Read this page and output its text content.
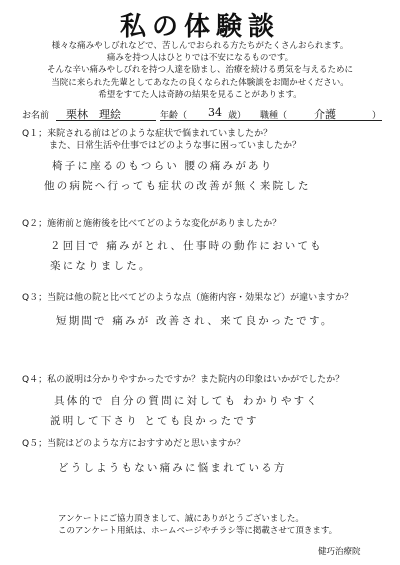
私の体験談
様々な痛みやしびれなどで、苦しんでおられる方たちがたくさんおられます。
痛みを持つ人はひとりでは不安になるものです。
そんな辛い痛みやしびれを持つ人達を励まし、治療を続ける勇気を与えるために
当院に来られた先輩としてあなたの良くなられた体験談をお聞かせください。
希望をすてた人は奇跡の結果を見ることがあります。
お名前 栗林　理絵	年齢（ 34 歳） 職種（ 介護	）
Q１；来院される前はどのような症状で悩まれていましたか？
　　　また、日常生活や仕事ではどのような事に困っていましたか？
椅子に座るのもつらい 腰の痛みがあり
他の病院へ行っても症状の改善が無く来院した
Q２；施術前と施術後を比べてどのような変化がありましたか？
２回目で 痛みがとれ、仕事時の動作においても
楽になりました。
Q３；当院は他の院と比べてどのような点（施術内容・効果など）が違いますか？
短期間で 痛みが 改善され、来て良かったです。
Q４；私の説明は分かりやすかったですか？また院内の印象はいかがでしたか？
具体的で 自分の質問に対しても わかりやすく
説明して下さり とても良かったです
Q５；当院はどのような方におすすめだと思いますか？
どうしようもない痛みに悩まれている方
アンケートにご協力頂きまして、誠にありがとうございました。
このアンケート用紙は、ホームページやチラシ等に掲載させて頂きます。
健巧治療院
